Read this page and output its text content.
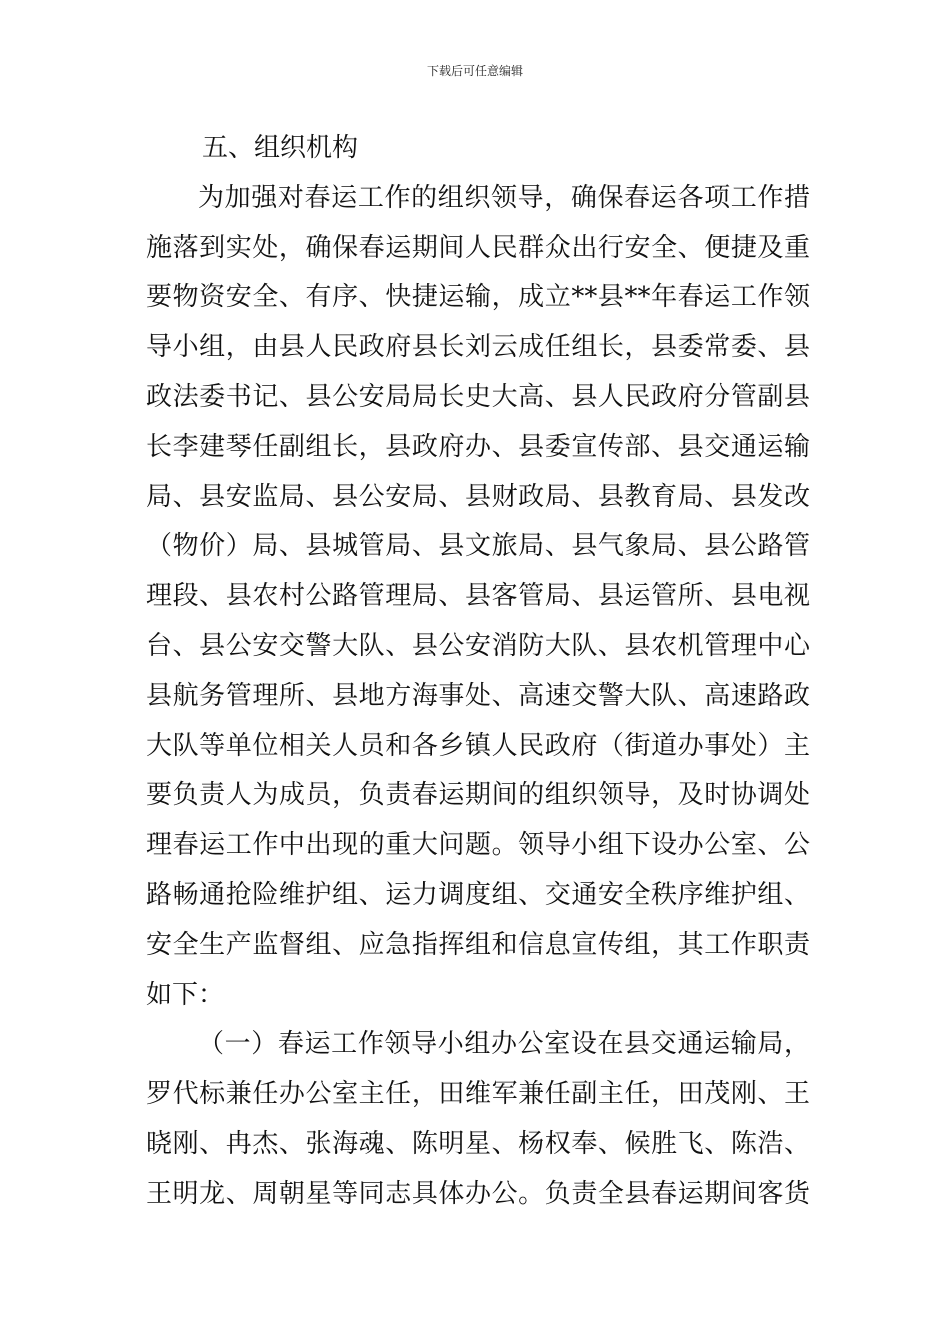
下载后可任意编辑
五、组织机构
为加强对春运工作的组织领导，确保春运各项工作措
施落到实处，确保春运期间人民群众出行安全、便捷及重
要物资安全、有序、快捷运输，成立**县**年春运工作领
导小组，由县人民政府县长刘云成任组长，县委常委、县
政法委书记、县公安局局长史大高、县人民政府分管副县
长李建琴任副组长，县政府办、县委宣传部、县交通运输
局、县安监局、县公安局、县财政局、县教育局、县发改
（物价）局、县城管局、县文旅局、县气象局、县公路管
理段、县农村公路管理局、县客管局、县运管所、县电视
台、县公安交警大队、县公安消防大队、县农机管理中心
县航务管理所、县地方海事处、高速交警大队、高速路政
大队等单位相关人员和各乡镇人民政府（街道办事处）主
要负责人为成员，负责春运期间的组织领导，及时协调处
理春运工作中出现的重大问题。领导小组下设办公室、公
路畅通抢险维护组、运力调度组、交通安全秩序维护组、
安全生产监督组、应急指挥组和信息宣传组，其工作职责
如下：
（一）春运工作领导小组办公室设在县交通运输局，
罗代标兼任办公室主任，田维军兼任副主任，田茂刚、王
晓刚、冉杰、张海魂、陈明星、杨权奉、候胜飞、陈浩、
王明龙、周朝星等同志具体办公。负责全县春运期间客货
